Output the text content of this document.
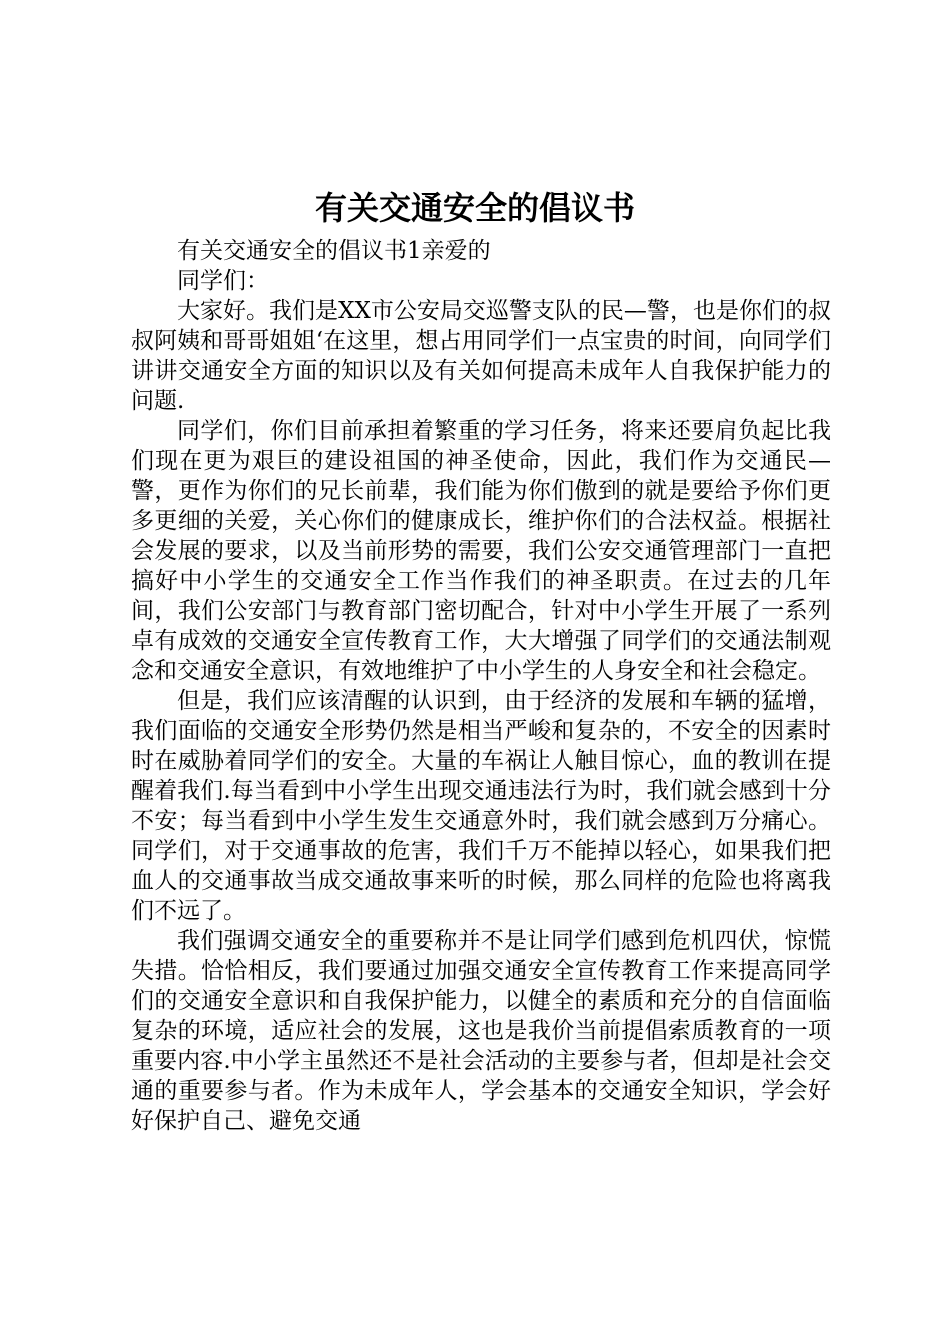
有关交通安全的倡议书

有关交通安全的倡议书1亲爱的

同学们：

大家好。我们是XX市公安局交巡警支队的民—警，也是你们的叔叔阿姨和哥哥姐姐‘在这里，想占用同学们一点宝贵的时间，向同学们讲讲交通安全方面的知识以及有关如何提高未成年人自我保护能力的问题.

同学们，你们目前承担着繁重的学习任务，将来还要肩负起比我们现在更为艰巨的建设祖国的神圣使命，因此，我们作为交通民—警，更作为你们的兄长前辈，我们能为你们傲到的就是要给予你们更多更细的关爱，关心你们的健康成长，维护你们的合法权益。根据社会发展的要求，以及当前形势的需要，我们公安交通管理部门一直把搞好中小学生的交通安全工作当作我们的神圣职责。在过去的几年间，我们公安部门与教育部门密切配合，针对中小学生开展了一系列卓有成效的交通安全宣传教育工作，大大增强了同学们的交通法制观念和交通安全意识，有效地维护了中小学生的人身安全和社会稳定。

但是，我们应该清醒的认识到，由于经济的发展和车辆的猛增，我们面临的交通安全形势仍然是相当严峻和复杂的，不安全的因素时时在威胁着同学们的安全。大量的车祸让人触目惊心，血的教训在提醒着我们.每当看到中小学生出现交通违法行为时，我们就会感到十分不安；每当看到中小学生发生交通意外时，我们就会感到万分痛心。同学们，对于交通事故的危害，我们千万不能掉以轻心，如果我们把血人的交通事故当成交通故事来听的时候，那么同样的危险也将离我们不远了。

我们强调交通安全的重要称并不是让同学们感到危机四伏，惊慌失措。恰恰相反，我们要通过加强交通安全宣传教育工作来提高同学们的交通安全意识和自我保护能力，以健全的素质和充分的自信面临复杂的环境，适应社会的发展，这也是我价当前提倡索质教育的一项重要内容.中小学主虽然还不是社会活动的主要参与者，但却是社会交通的重要参与者。作为未成年人，学会基本的交通安全知识，学会好好保护自己、避免交通
